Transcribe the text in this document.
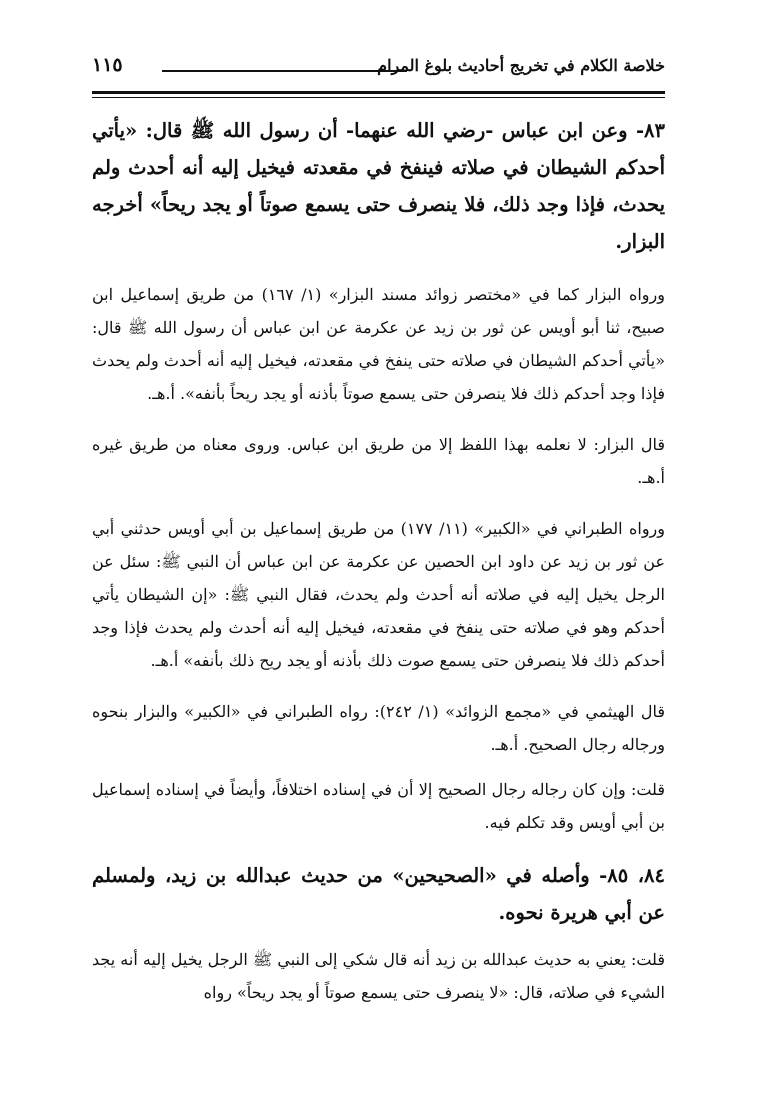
خلاصة الكلام في تخريج أحاديث بلوغ المرام
١١٥

٨٣- وعن ابن عباس -رضي الله عنهما- أن رسول الله ﷺ قال: «يأتي أحدكم الشيطان في صلاته فينفخ في مقعدته فيخيل إليه أنه أحدث ولم يحدث، فإذا وجد ذلك، فلا ينصرف حتى يسمع صوتاً أو يجد ريحاً» أخرجه البزار.

ورواه البزار كما في «مختصر زوائد مسند البزار» (١/ ١٦٧) من طريق إسماعيل ابن صبيح، ثنا أبو أويس عن ثور بن زيد عن عكرمة عن ابن عباس أن رسول الله ﷺ قال: «يأتي أحدكم الشيطان في صلاته حتى ينفخ في مقعدته، فيخيل إليه أنه أحدث ولم يحدث فإذا وجد أحدكم ذلك فلا ينصرفن حتى يسمع صوتاً بأذنه أو يجد ريحاً بأنفه». أ.هـ.

قال البزار: لا نعلمه بهذا اللفظ إلا من طريق ابن عباس. وروى معناه من طريق غيره أ.هـ.

ورواه الطبراني في «الكبير» (١١/ ١٧٧) من طريق إسماعيل بن أبي أويس حدثني أبي عن ثور بن زيد عن داود ابن الحصين عن عكرمة عن ابن عباس أن النبي ﷺ: سئل عن الرجل يخيل إليه في صلاته أنه أحدث ولم يحدث، فقال النبي ﷺ: «إن الشيطان يأتي أحدكم وهو في صلاته حتى ينفخ في مقعدته، فيخيل إليه أنه أحدث ولم يحدث فإذا وجد أحدكم ذلك فلا ينصرفن حتى يسمع صوت ذلك بأذنه أو يجد ريح ذلك بأنفه» أ.هـ.

قال الهيثمي في «مجمع الزوائد» (١/ ٢٤٢): رواه الطبراني في «الكبير» والبزار بنحوه ورجاله رجال الصحيح. أ.هـ.

قلت: وإن كان رجاله رجال الصحيح إلا أن في إسناده اختلافاً، وأيضاً في إسناده إسماعيل بن أبي أويس وقد تكلم فيه.

٨٤، ٨٥- وأصله في «الصحيحين» من حديث عبدالله بن زيد، ولمسلم عن أبي هريرة نحوه.

قلت: يعني به حديث عبدالله بن زيد أنه قال شكي إلى النبي ﷺ الرجل يخيل إليه أنه يجد الشيء في صلاته، قال: «لا ينصرف حتى يسمع صوتاً أو يجد ريحاً» رواه
